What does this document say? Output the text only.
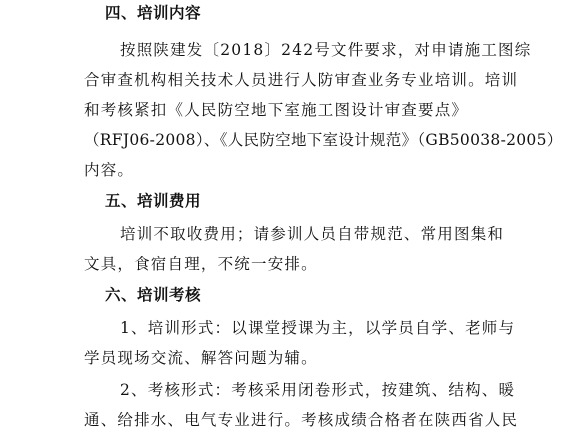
四、培训内容
按照陕建发〔2018〕242号文件要求，对申请施工图综
合审查机构相关技术人员进行人防审查业务专业培训。培训
和考核紧扣《人民防空地下室施工图设计审查要点》
（RFJ06-2008）、《人民防空地下室设计规范》（GB50038-2005）
内容。
五、培训费用
培训不取收费用；请参训人员自带规范、常用图集和
文具，食宿自理，不统一安排。
六、培训考核
1、培训形式：以课堂授课为主，以学员自学、老师与
学员现场交流、解答问题为辅。
2、考核形式：考核采用闭卷形式，按建筑、结构、暖
通、给排水、电气专业进行。考核成绩合格者在陕西省人民
